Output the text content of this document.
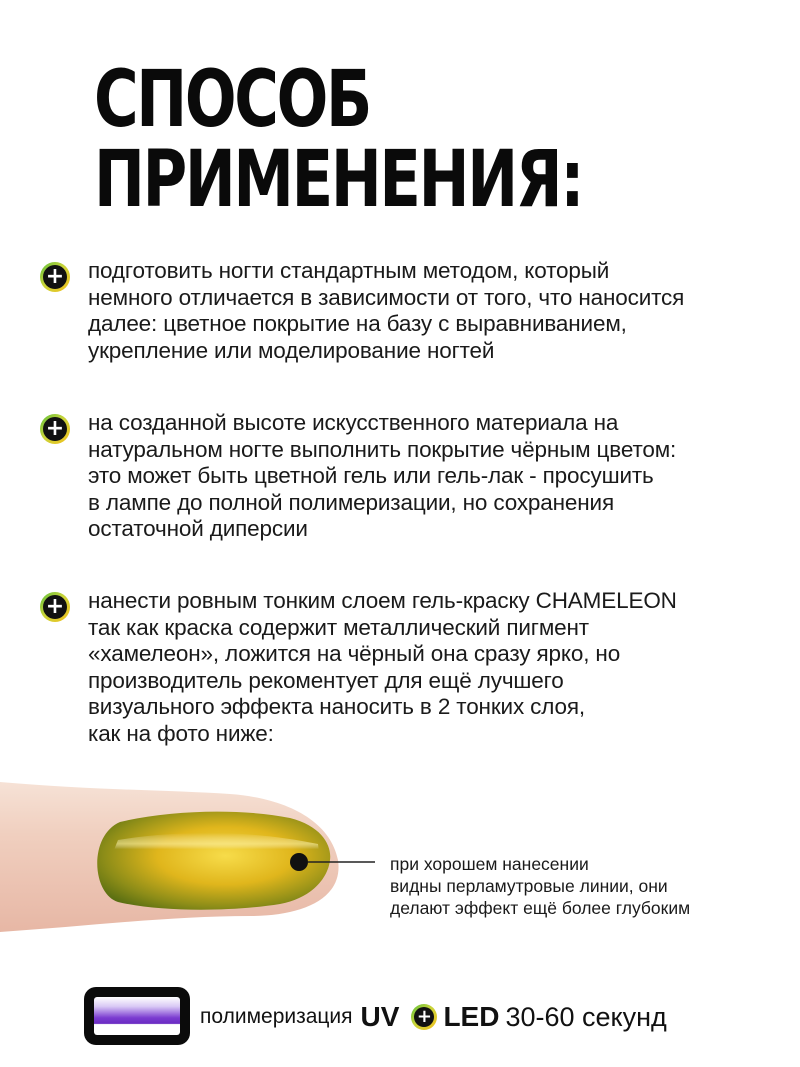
СПОСОБ
ПРИМЕНЕНИЯ:
+
подготовить ногти стандартным методом, который
немного отличается в зависимости от того, что наносится
далее: цветное покрытие на базу с выравниванием,
укрепление или моделирование ногтей
+
на созданной высоте искусственного материала на
натуральном ногте выполнить покрытие чёрным цветом:
это может быть цветной гель или гель-лак - просушить
в лампе до полной полимеризации, но сохранения
остаточной диперсии
+
нанести ровным тонким слоем гель-краску CHAMELEON
так как краска содержит металлический пигмент
«хамелеон», ложится на чёрный она сразу ярко, но
производитель рекоментует для ещё лучшего
визуального эффекта наносить в 2 тонких слоя,
как на фото ниже:
при хорошем нанесении
видны перламутровые линии, они
делают эффект ещё более глубоким
полимеризация UV
+ LED 30-60 секунд
